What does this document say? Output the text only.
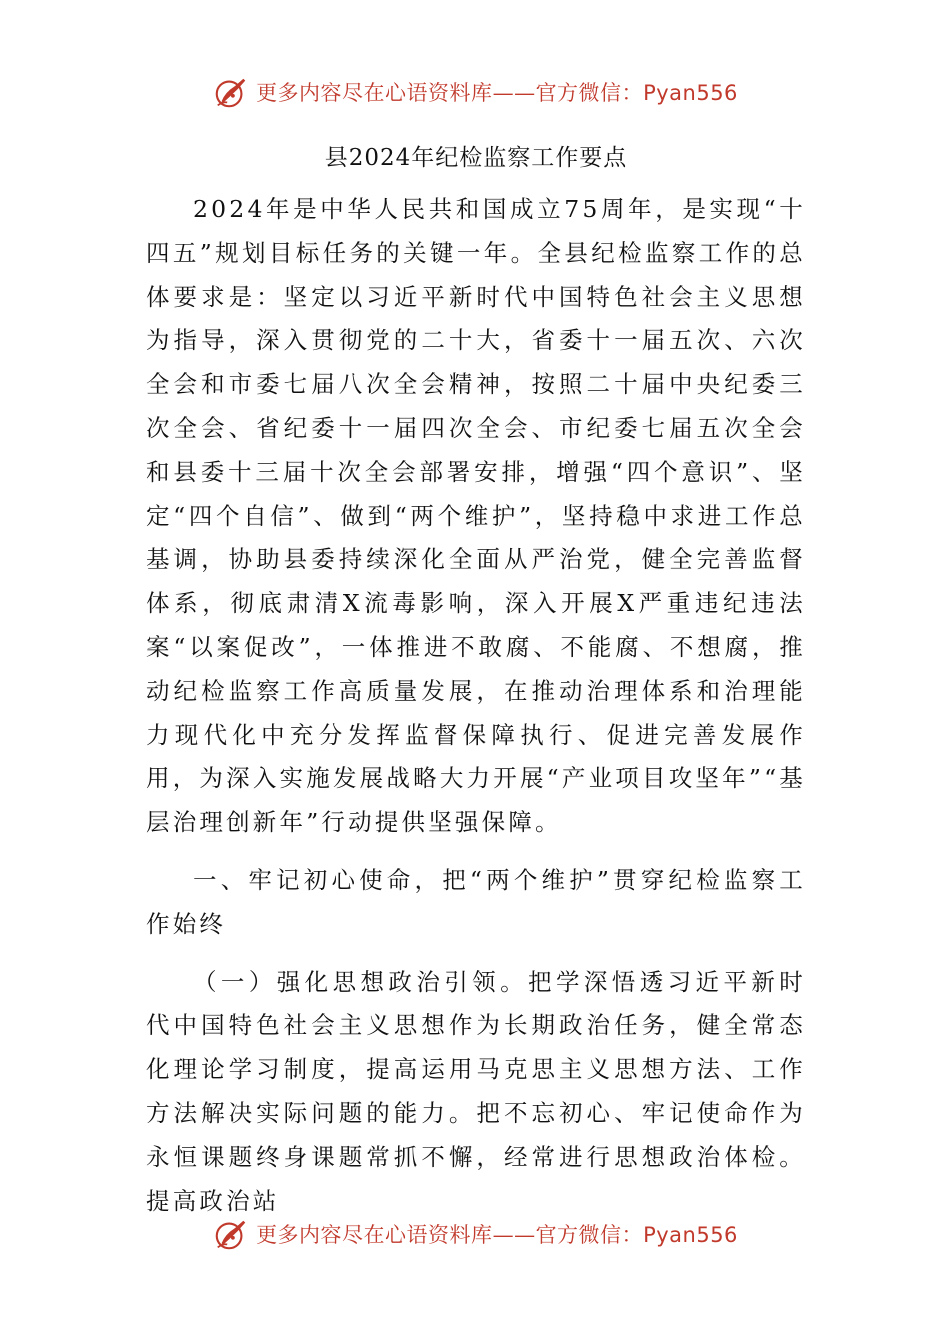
更多内容尽在心语资料库——官方微信：Pyan556
县2024年纪检监察工作要点

2024年是中华人民共和国成立75周年，是实现“十四五”规划目标任务的关键一年。全县纪检监察工作的总体要求是：坚定以习近平新时代中国特色社会主义思想为指导，深入贯彻党的二十大，省委十一届五次、六次全会和市委七届八次全会精神，按照二十届中央纪委三次全会、省纪委十一届四次全会、市纪委七届五次全会和县委十三届十次全会部署安排，增强“四个意识”、坚定“四个自信”、做到“两个维护”，坚持稳中求进工作总基调，协助县委持续深化全面从严治党，健全完善监督体系，彻底肃清X流毒影响，深入开展X严重违纪违法案“以案促改”，一体推进不敢腐、不能腐、不想腐，推动纪检监察工作高质量发展，在推动治理体系和治理能力现代化中充分发挥监督保障执行、促进完善发展作用，为深入实施发展战略大力开展“产业项目攻坚年”“基层治理创新年”行动提供坚强保障。

一、牢记初心使命，把“两个维护”贯穿纪检监察工作始终

（一）强化思想政治引领。把学深悟透习近平新时代中国特色社会主义思想作为长期政治任务，健全常态化理论学习制度，提高运用马克思主义思想方法、工作方法解决实际问题的能力。把不忘初心、牢记使命作为永恒课题终身课题常抓不懈，经常进行思想政治体检。提高政治站

更多内容尽在心语资料库——官方微信：Pyan556
